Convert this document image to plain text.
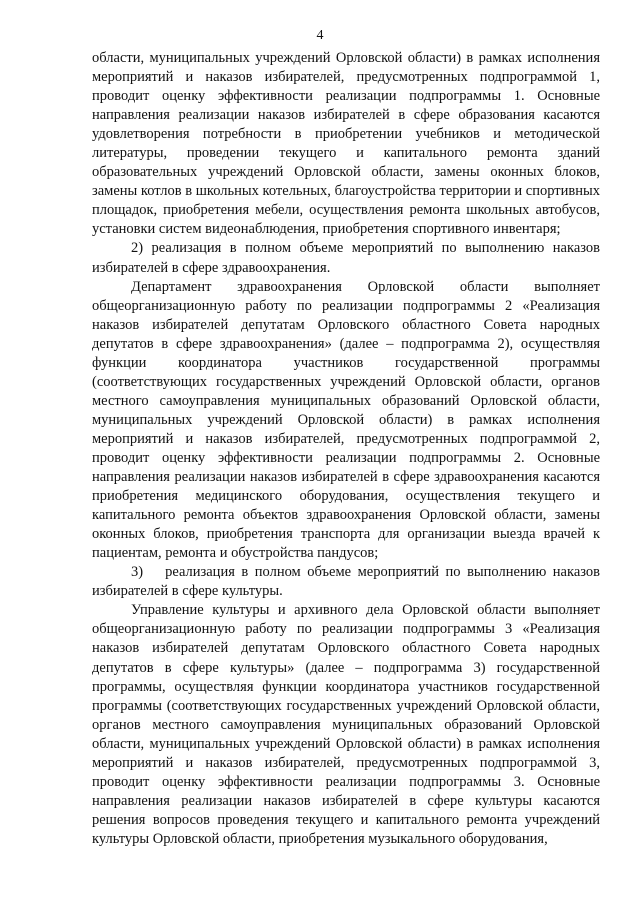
4

области, муниципальных учреждений Орловской области) в рамках исполнения мероприятий и наказов избирателей, предусмотренных подпрограммой 1, проводит оценку эффективности реализации подпрограммы 1. Основные направления реализации наказов избирателей в сфере образования касаются удовлетворения потребности в приобретении учебников и методической литературы, проведении текущего и капитального ремонта зданий образовательных учреждений Орловской области, замены оконных блоков, замены котлов в школьных котельных, благоустройства территории и спортивных площадок, приобретения мебели, осуществления ремонта школьных автобусов, установки систем видеонаблюдения, приобретения спортивного инвентаря;

2) реализация в полном объеме мероприятий по выполнению наказов избирателей в сфере здравоохранения.

Департамент здравоохранения Орловской области выполняет общеорганизационную работу по реализации подпрограммы 2 «Реализация наказов избирателей депутатам Орловского областного Совета народных депутатов в сфере здравоохранения» (далее – подпрограмма 2), осуществляя функции координатора участников государственной программы (соответствующих государственных учреждений Орловской области, органов местного самоуправления муниципальных образований Орловской области, муниципальных учреждений Орловской области) в рамках исполнения мероприятий и наказов избирателей, предусмотренных подпрограммой 2, проводит оценку эффективности реализации подпрограммы 2. Основные направления реализации наказов избирателей в сфере здравоохранения касаются приобретения медицинского оборудования, осуществления текущего и капитального ремонта объектов здравоохранения Орловской области, замены оконных блоков, приобретения транспорта для организации выезда врачей к пациентам, ремонта и обустройства пандусов;

3) реализация в полном объеме мероприятий по выполнению наказов избирателей в сфере культуры.

Управление культуры и архивного дела Орловской области выполняет общеорганизационную работу по реализации подпрограммы 3 «Реализация наказов избирателей депутатам Орловского областного Совета народных депутатов в сфере культуры» (далее – подпрограмма 3) государственной программы, осуществляя функции координатора участников государственной программы (соответствующих государственных учреждений Орловской области, органов местного самоуправления муниципальных образований Орловской области, муниципальных учреждений Орловской области) в рамках исполнения мероприятий и наказов избирателей, предусмотренных подпрограммой 3, проводит оценку эффективности реализации подпрограммы 3. Основные направления реализации наказов избирателей в сфере культуры касаются решения вопросов проведения текущего и капитального ремонта учреждений культуры Орловской области, приобретения музыкального оборудования,
